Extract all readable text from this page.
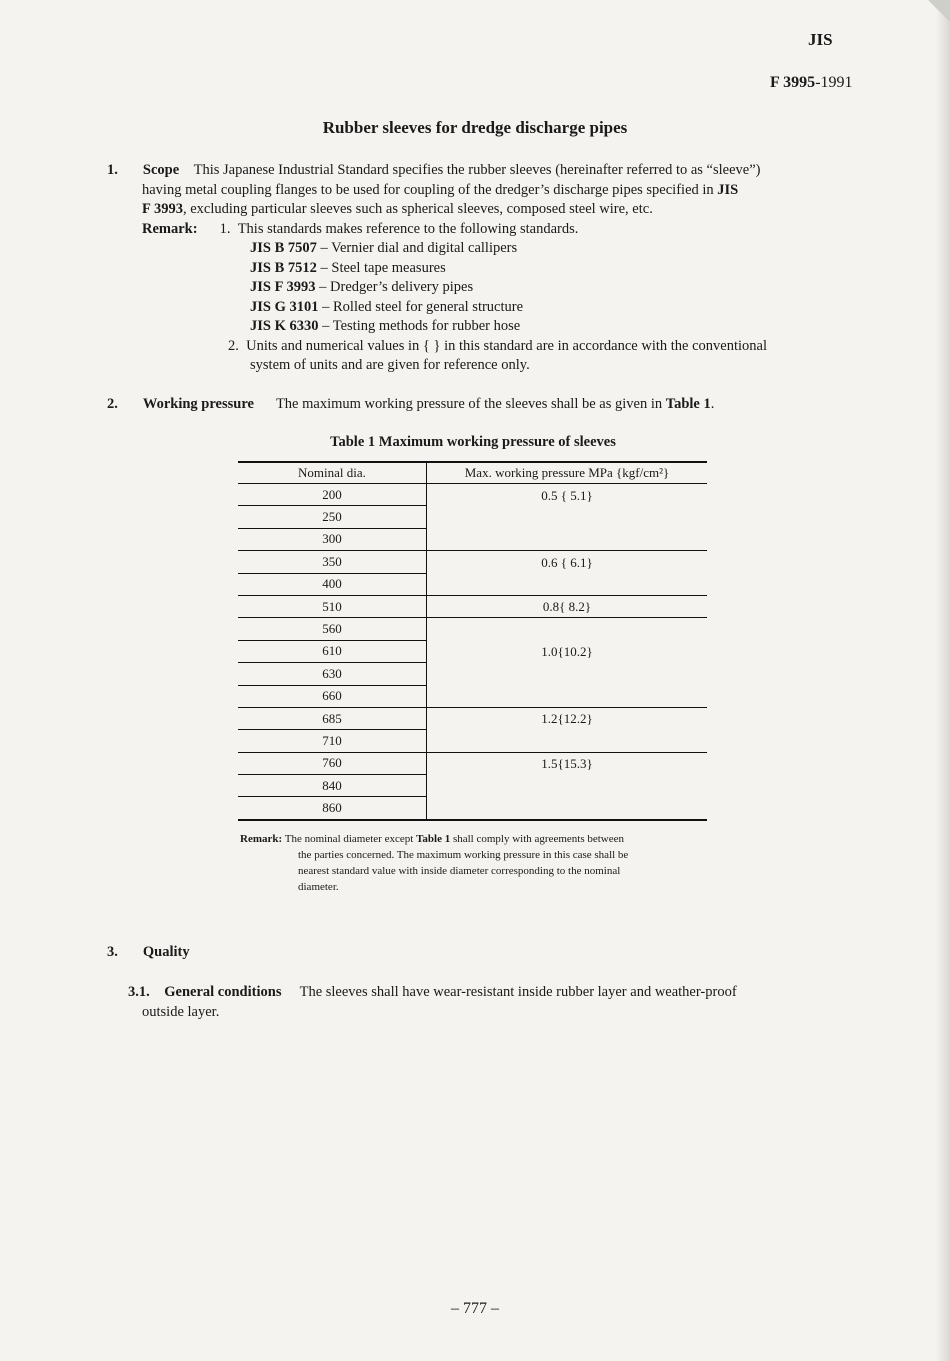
JIS
F 3995-1991
Rubber sleeves for dredge discharge pipes
1. Scope This Japanese Industrial Standard specifies the rubber sleeves (hereinafter referred to as “sleeve”)
having metal coupling flanges to be used for coupling of the dredger’s discharge pipes specified in JIS
F 3993, excluding particular sleeves such as spherical sleeves, composed steel wire, etc.
Remark: 1. This standards makes reference to the following standards.
JIS B 7507 – Vernier dial and digital callipers
JIS B 7512 – Steel tape measures
JIS F 3993 – Dredger’s delivery pipes
JIS G 3101 – Rolled steel for general structure
JIS K 6330 – Testing methods for rubber hose
2. Units and numerical values in { } in this standard are in accordance with the conventional
system of units and are given for reference only.
2. Working pressure The maximum working pressure of the sleeves shall be as given in Table 1.
Table 1 Maximum working pressure of sleeves
Nominal dia.	Max. working pressure MPa {kgf/cm²}
200	0.5 { 5.1}
250	
300	
350	0.6 { 6.1}
400	
510	0.8{ 8.2}
560	1.0{10.2}
610	
630	
660	
685	1.2{12.2}
710	
760	1.5{15.3}
840	
860	
Remark: The nominal diameter except Table 1 shall comply with agreements between
the parties concerned. The maximum working pressure in this case shall be
nearest standard value with inside diameter corresponding to the nominal
diameter.
3. Quality
3.1. General conditions The sleeves shall have wear-resistant inside rubber layer and weather-proof
outside layer.
– 777 –
